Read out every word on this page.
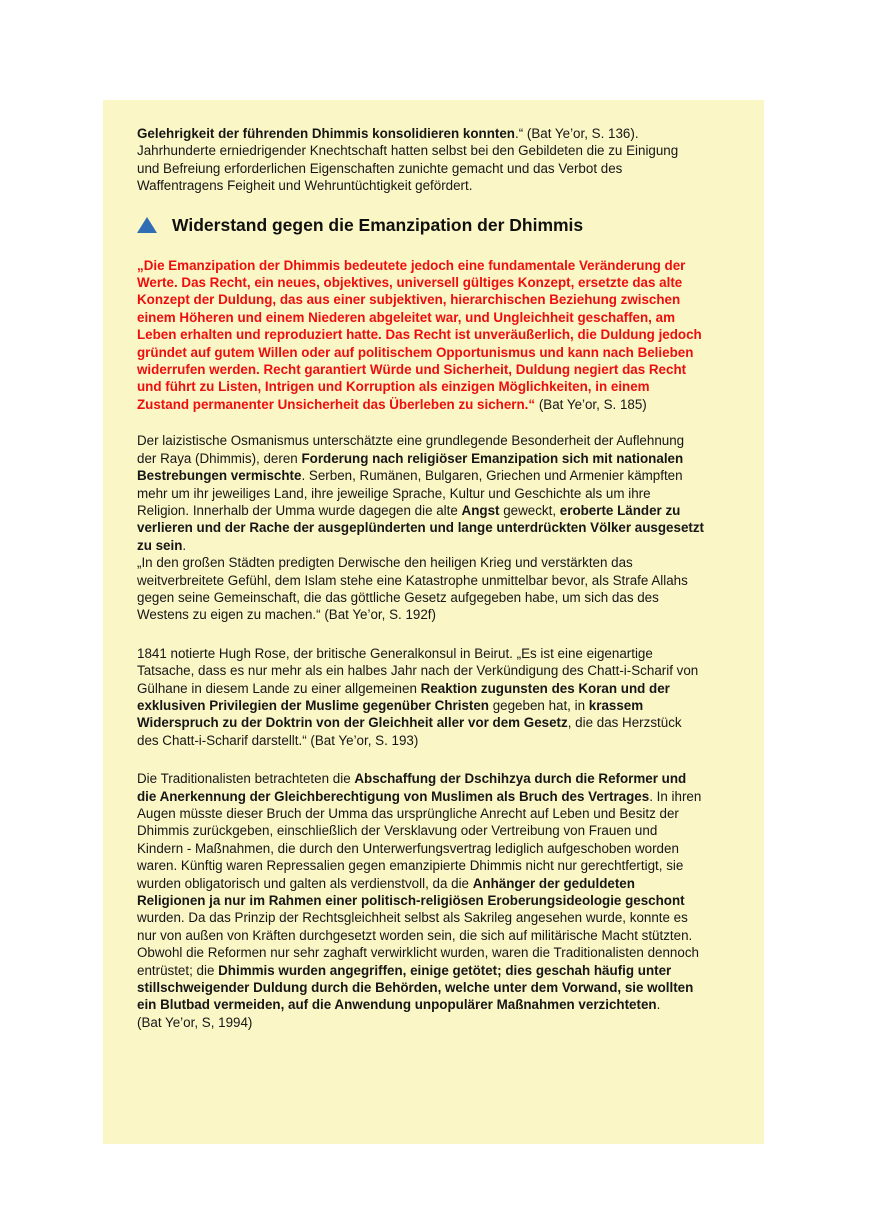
Gelehrigkeit der führenden Dhimmis konsolidieren konnten.“ (Bat Ye’or, S. 136). Jahrhunderte erniedrigender Knechtschaft hatten selbst bei den Gebildeten die zu Einigung und Befreiung erforderlichen Eigenschaften zunichte gemacht und das Verbot des Waffentragens Feigheit und Wehruntüchtigkeit gefördert.
Widerstand gegen die Emanzipation der Dhimmis
„Die Emanzipation der Dhimmis bedeutete jedoch eine fundamentale Veränderung der Werte. Das Recht, ein neues, objektives, universell gültiges Konzept, ersetzte das alte Konzept der Duldung, das aus einer subjektiven, hierarchischen Beziehung zwischen einem Höheren und einem Niederen abgeleitet war, und Ungleichheit geschaffen, am Leben erhalten und reproduziert hatte. Das Recht ist unveräußerlich, die Duldung jedoch gründet auf gutem Willen oder auf politischem Opportunismus und kann nach Belieben widerrufen werden. Recht garantiert Würde und Sicherheit, Duldung negiert das Recht und führt zu Listen, Intrigen und Korruption als einzigen Möglichkeiten, in einem Zustand permanenter Unsicherheit das Überleben zu sichern.“ (Bat Ye’or, S. 185)
Der laizistische Osmanismus unterschätzte eine grundlegende Besonderheit der Auflehnung der Raya (Dhimmis), deren Forderung nach religiöser Emanzipation sich mit nationalen Bestrebungen vermischte. Serben, Rumänen, Bulgaren, Griechen und Armenier kämpften mehr um ihr jeweiliges Land, ihre jeweilige Sprache, Kultur und Geschichte als um ihre Religion. Innerhalb der Umma wurde dagegen die alte Angst geweckt, eroberte Länder zu verlieren und der Rache der ausgeplünderten und lange unterdrückten Völker ausgesetzt zu sein.
„In den großen Städten predigten Derwische den heiligen Krieg und verstärkten das weitverbreitete Gefühl, dem Islam stehe eine Katastrophe unmittelbar bevor, als Strafe Allahs gegen seine Gemeinschaft, die das göttliche Gesetz aufgegeben habe, um sich das des Westens zu eigen zu machen.“ (Bat Ye’or, S. 192f)
1841 notierte Hugh Rose, der britische Generalkonsul in Beirut. „Es ist eine eigenartige Tatsache, dass es nur mehr als ein halbes Jahr nach der Verkündigung des Chatt-i-Scharif von Gülhane in diesem Lande zu einer allgemeinen Reaktion zugunsten des Koran und der exklusiven Privilegien der Muslime gegenüber Christen gegeben hat, in krassem Widerspruch zu der Doktrin von der Gleichheit aller vor dem Gesetz, die das Herzstück des Chatt-i-Scharif darstellt.“ (Bat Ye’or, S. 193)
Die Traditionalisten betrachteten die Abschaffung der Dschihzya durch die Reformer und die Anerkennung der Gleichberechtigung von Muslimen als Bruch des Vertrages. In ihren Augen müsste dieser Bruch der Umma das ursprüngliche Anrecht auf Leben und Besitz der Dhimmis zurückgeben, einschließlich der Versklavung oder Vertreibung von Frauen und Kindern - Maßnahmen, die durch den Unterwerfungsvertrag lediglich aufgeschoben worden waren. Künftig waren Repressalien gegen emanzipierte Dhimmis nicht nur gerechtfertigt, sie wurden obligatorisch und galten als verdienstvoll, da die Anhänger der geduldeten Religionen ja nur im Rahmen einer politisch-religiösen Eroberungsideologie geschont wurden. Da das Prinzip der Rechtsgleichheit selbst als Sakrileg angesehen wurde, konnte es nur von außen von Kräften durchgesetzt worden sein, die sich auf militärische Macht stützten. Obwohl die Reformen nur sehr zaghaft verwirklicht wurden, waren die Traditionalisten dennoch entrüstet; die Dhimmis wurden angegriffen, einige getötet; dies geschah häufig unter stillschweigender Duldung durch die Behörden, welche unter dem Vorwand, sie wollten ein Blutbad vermeiden, auf die Anwendung unpopulärer Maßnahmen verzichteten.
(Bat Ye’or, S, 1994)
